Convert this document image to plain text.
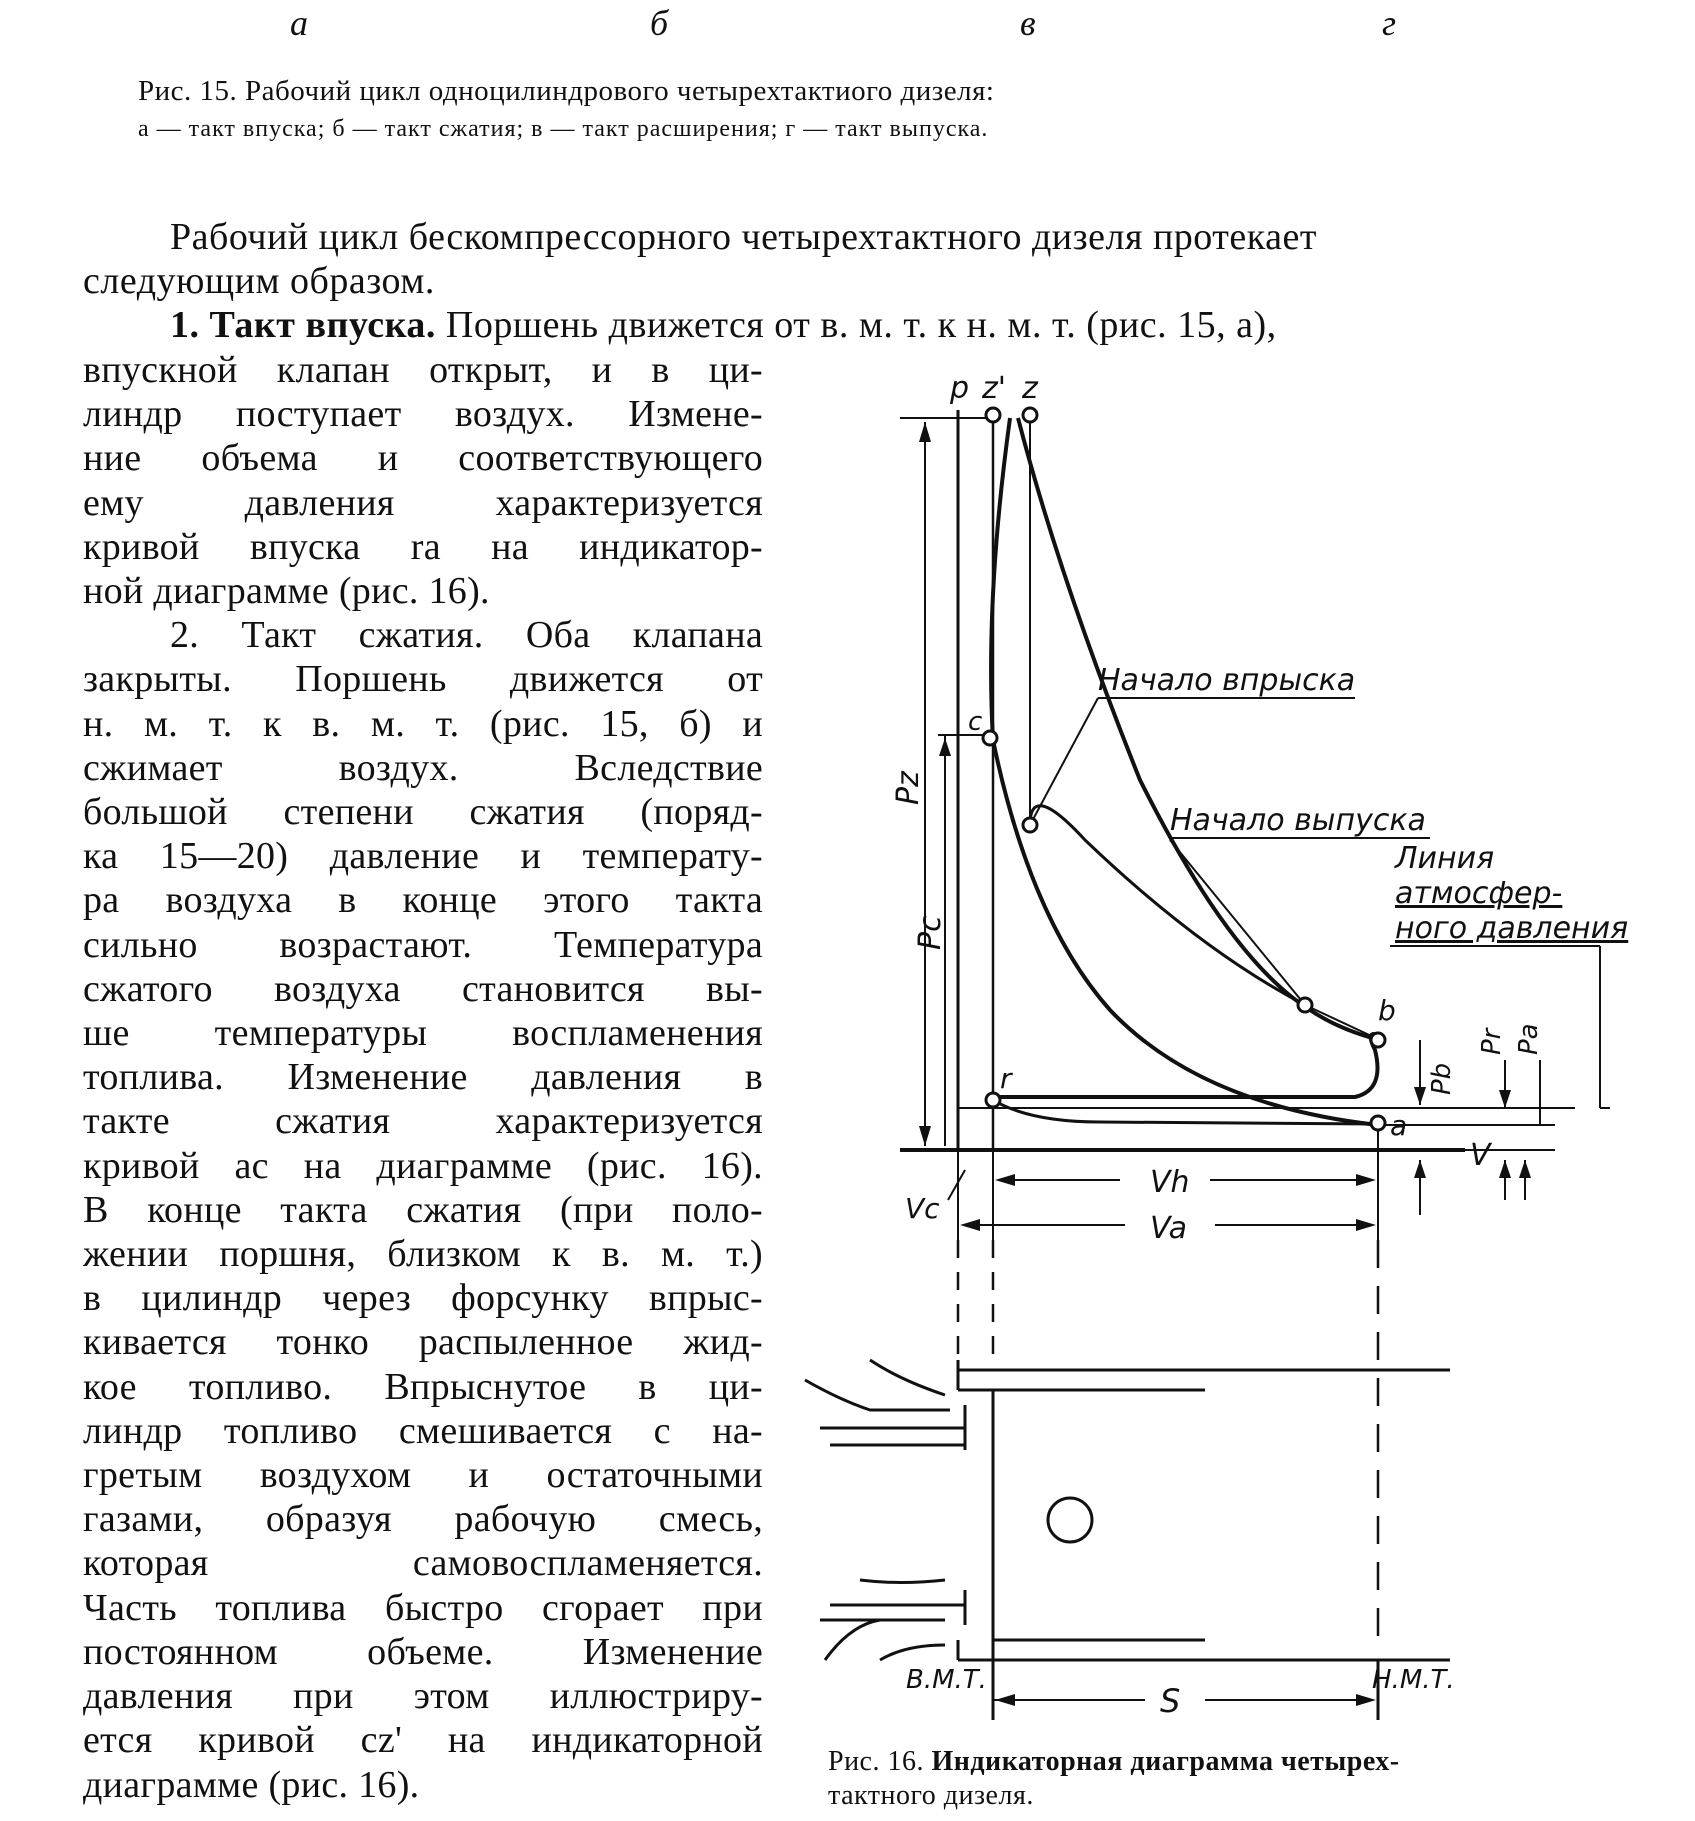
а	б	в	г
Рис. 15. Рабочий цикл одноцилиндрового четырехтактиого дизеля:
а — такт впуска; б — такт сжатия; в — такт расширения; г — такт выпуска.
Рабочий цикл бескомпрессорного четырехтактного дизеля протекает
следующим образом.
1. Такт впуска. Поршень движется от в. м. т. к н. м. т. (рис. 15, а),
впускной клапан открыт, и в ци-
линдр поступает воздух. Измене-
ние объема и соответствующего
ему давления характеризуется
кривой впуска ra на индикатор-
ной диаграмме (рис. 16).
2. Такт сжатия. Оба клапана
закрыты. Поршень движется от
н. м. т. к в. м. т. (рис. 15, б) и
сжимает воздух. Вследствие
большой степени сжатия (поряд-
ка 15—20) давление и температу-
ра воздуха в конце этого такта
сильно возрастают. Температура
сжатого воздуха становится вы-
ше температуры воспламенения
топлива. Изменение давления в
такте сжатия характеризуется
кривой ac на диаграмме (рис. 16).
В конце такта сжатия (при поло-
жении поршня, близком к в. м. т.)
в цилиндр через форсунку впрыс-
кивается тонко распыленное жид-
кое топливо. Впрыснутое в ци-
линдр топливо смешивается с на-
гретым воздухом и остаточными
газами, образуя рабочую смесь,
которая самовоспламеняется.
Часть топлива быстро сгорает при
постоянном объеме. Изменение
давления при этом иллюстриру-
ется кривой cz' на индикаторной
диаграмме (рис. 16).
p z' z
c
r
b
a
Pz
Pc
Pb
Pr Pa
Vh
Va
Vc
V
S
В.М.Т.	Н.М.Т.
Начало впрыска
Начало выпуска
Линия
атмосфер-
ного давления
Рис. 16. Индикаторная диаграмма четырех-
тактного дизеля.
